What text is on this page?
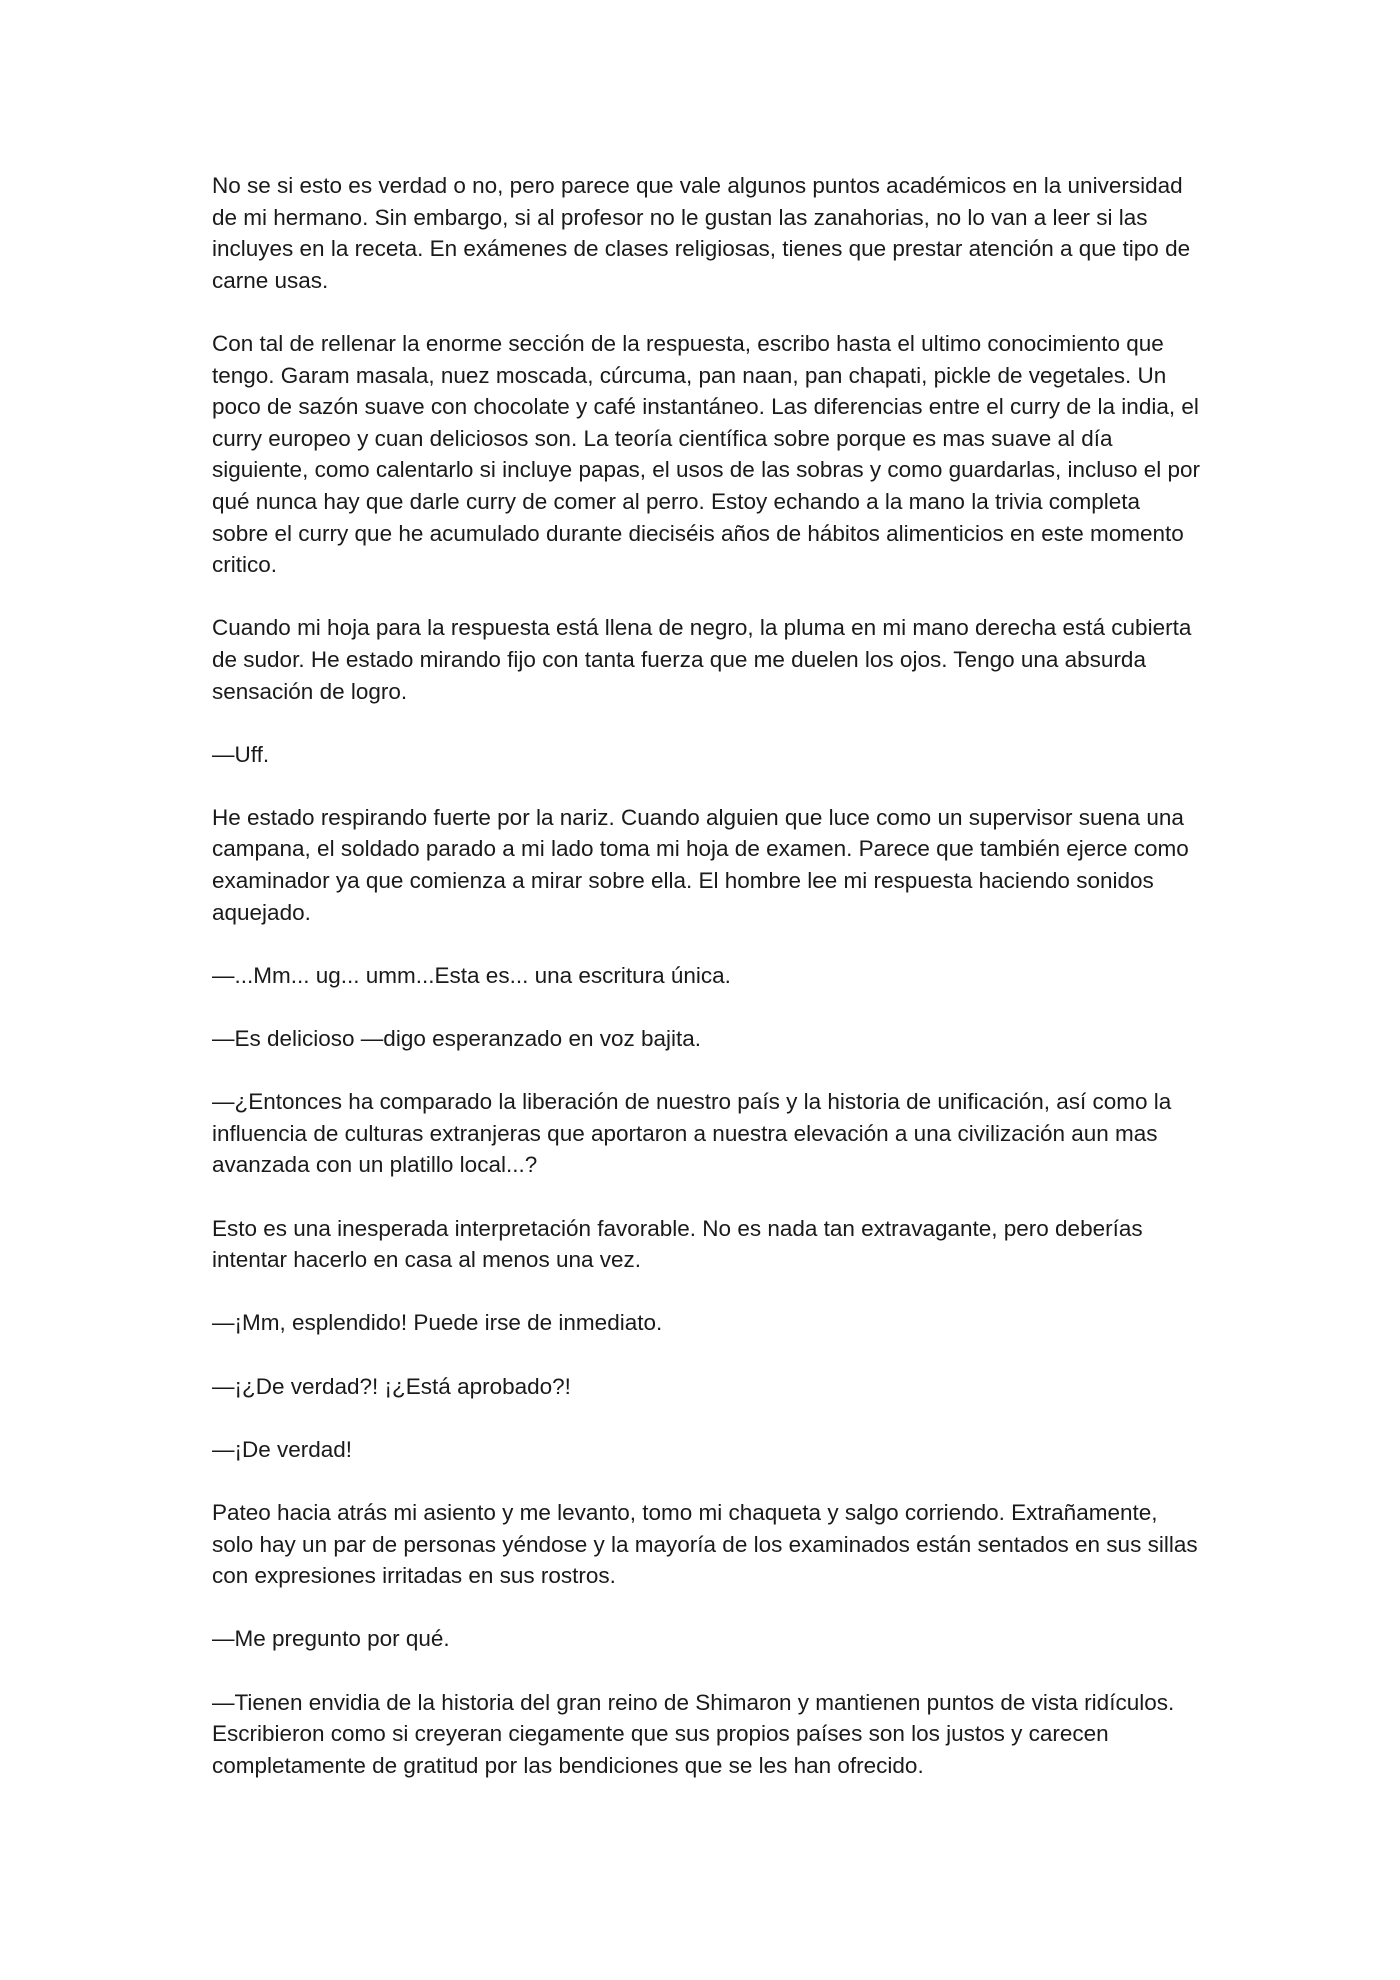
No se si esto es verdad o no, pero parece que vale algunos puntos académicos en la universidad de mi hermano. Sin embargo, si al profesor no le gustan las zanahorias, no lo van a leer si las incluyes en la receta. En exámenes de clases religiosas, tienes que prestar atención a que tipo de carne usas.

Con tal de rellenar la enorme sección de la respuesta, escribo hasta el ultimo conocimiento que tengo. Garam masala, nuez moscada, cúrcuma, pan naan, pan chapati, pickle de vegetales. Un poco de sazón suave con chocolate y café instantáneo. Las diferencias entre el curry de la india, el curry europeo y cuan deliciosos son. La teoría científica sobre porque es mas suave al día siguiente, como calentarlo si incluye papas, el usos de las sobras y como guardarlas, incluso el por qué nunca hay que darle curry de comer al perro. Estoy echando a la mano la trivia completa sobre el curry que he acumulado durante dieciséis años de hábitos alimenticios en este momento critico.

Cuando mi hoja para la respuesta está llena de negro, la pluma en mi mano derecha está cubierta de sudor. He estado mirando fijo con tanta fuerza que me duelen los ojos. Tengo una absurda sensación de logro.

—Uff.

He estado respirando fuerte por la nariz. Cuando alguien que luce como un supervisor suena una campana, el soldado parado a mi lado toma mi hoja de examen. Parece que también ejerce como examinador ya que comienza a mirar sobre ella. El hombre lee mi respuesta haciendo sonidos aquejado.

—...Mm... ug... umm...Esta es... una escritura única.

—Es delicioso —digo esperanzado en voz bajita.

—¿Entonces ha comparado la liberación de nuestro país y la historia de unificación, así como la influencia de culturas extranjeras que aportaron a nuestra elevación a una civilización aun mas avanzada con un platillo local...?

Esto es una inesperada interpretación favorable. No es nada tan extravagante, pero deberías intentar hacerlo en casa al menos una vez.

—¡Mm, esplendido! Puede irse de inmediato.

—¡¿De verdad?! ¡¿Está aprobado?!

—¡De verdad!

Pateo hacia atrás mi asiento y me levanto, tomo mi chaqueta y salgo corriendo. Extrañamente, solo hay un par de personas yéndose y la mayoría de los examinados están sentados en sus sillas con expresiones irritadas en sus rostros.

—Me pregunto por qué.

—Tienen envidia de la historia del gran reino de Shimaron y mantienen puntos de vista ridículos. Escribieron como si creyeran ciegamente que sus propios países son los justos y carecen completamente de gratitud por las bendiciones que se les han ofrecido.
